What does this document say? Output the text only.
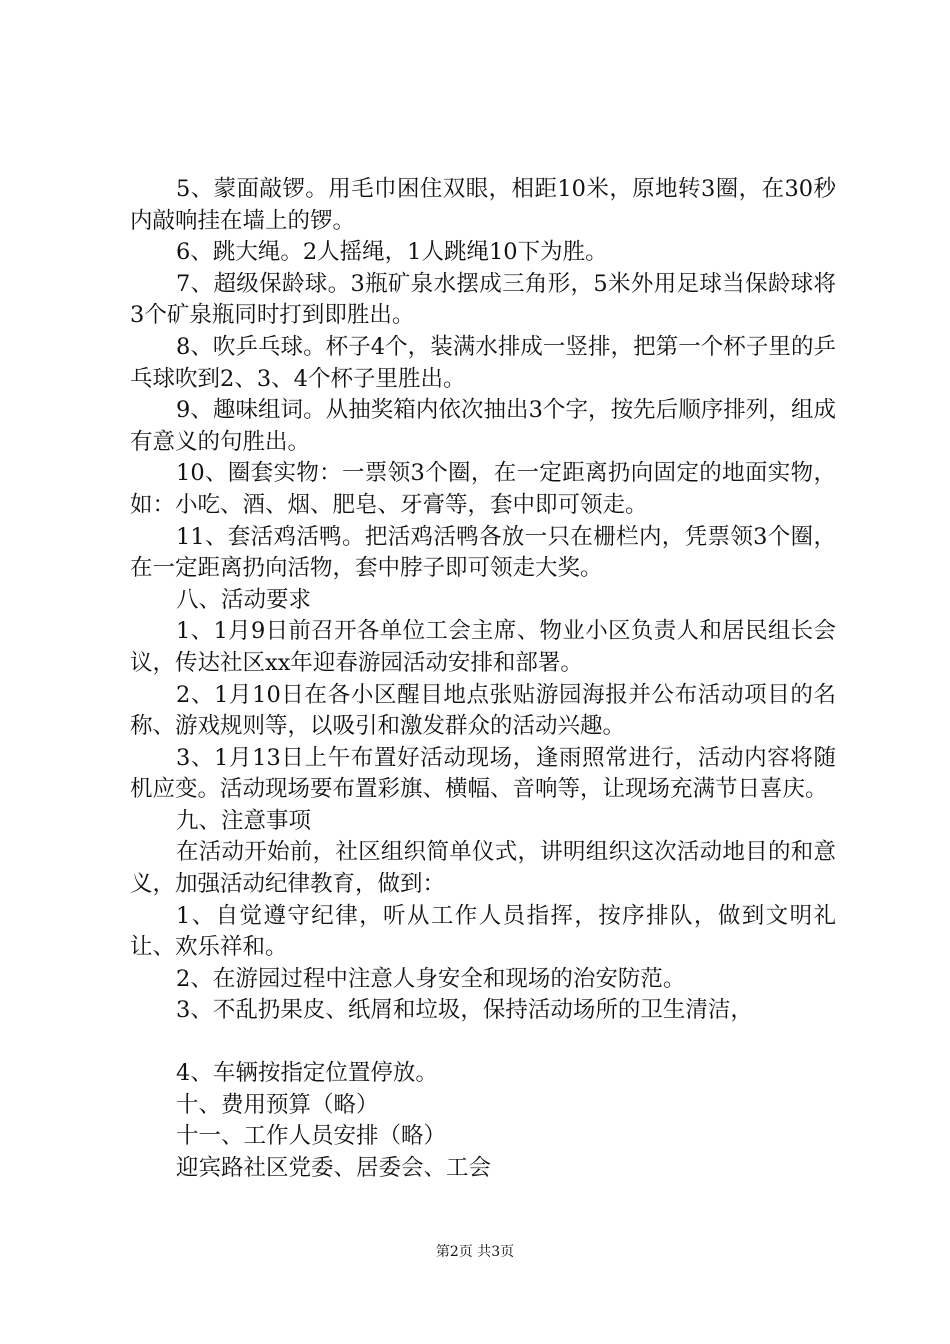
5、蒙面敲锣。用毛巾困住双眼，相距10米，原地转3圈，在30秒内敲响挂在墙上的锣。

6、跳大绳。2人摇绳，1人跳绳10下为胜。

7、超级保龄球。3瓶矿泉水摆成三角形，5米外用足球当保龄球将3个矿泉瓶同时打到即胜出。

8、吹乒乓球。杯子4个，装满水排成一竖排，把第一个杯子里的乒乓球吹到2、3、4个杯子里胜出。

9、趣味组词。从抽奖箱内依次抽出3个字，按先后顺序排列，组成有意义的句胜出。

10、圈套实物：一票领3个圈，在一定距离扔向固定的地面实物，如：小吃、酒、烟、肥皂、牙膏等，套中即可领走。

11、套活鸡活鸭。把活鸡活鸭各放一只在栅栏内，凭票领3个圈，在一定距离扔向活物，套中脖子即可领走大奖。

八、活动要求

1、1月9日前召开各单位工会主席、物业小区负责人和居民组长会议，传达社区xx年迎春游园活动安排和部署。

2、1月10日在各小区醒目地点张贴游园海报并公布活动项目的名称、游戏规则等，以吸引和激发群众的活动兴趣。

3、1月13日上午布置好活动现场，逢雨照常进行，活动内容将随机应变。活动现场要布置彩旗、横幅、音响等，让现场充满节日喜庆。

九、注意事项

在活动开始前，社区组织简单仪式，讲明组织这次活动地目的和意义，加强活动纪律教育，做到：

1、自觉遵守纪律，听从工作人员指挥，按序排队，做到文明礼让、欢乐祥和。

2、在游园过程中注意人身安全和现场的治安防范。

3、不乱扔果皮、纸屑和垃圾，保持活动场所的卫生清洁，

4、车辆按指定位置停放。

十、费用预算（略）

十一、工作人员安排（略）

迎宾路社区党委、居委会、工会

第2页 共3页
